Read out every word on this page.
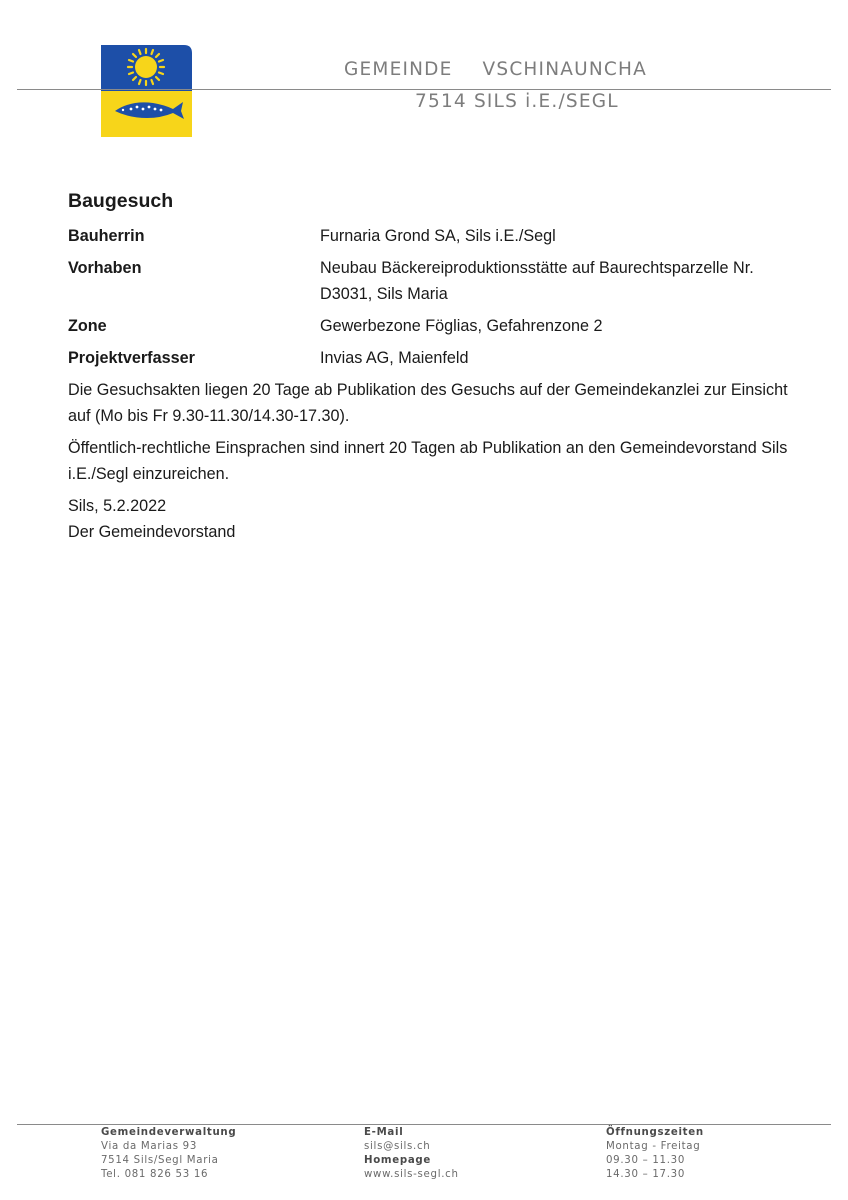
GEMEINDE VSCHINAUNCHA
7514 SILS i.E./SEGL
Baugesuch
Bauherrin	Furnaria Grond SA, Sils i.E./Segl
Vorhaben	Neubau Bäckereiproduktionsstätte auf Baurechtsparzelle Nr. D3031, Sils Maria
Zone	Gewerbezone Föglias, Gefahrenzone 2
Projektverfasser	Invias AG, Maienfeld

Die Gesuchsakten liegen 20 Tage ab Publikation des Gesuchs auf der Gemeindekanzlei zur Einsicht auf (Mo bis Fr 9.30-11.30/14.30-17.30).

Öffentlich-rechtliche Einsprachen sind innert 20 Tagen ab Publikation an den Gemeindevorstand Sils i.E./Segl einzureichen.

Sils, 5.2.2022
Der Gemeindevorstand
Gemeindeverwaltung
Via da Marias 93
7514 Sils/Segl Maria
Tel. 081 826 53 16
E-Mail
sils@sils.ch
Homepage
www.sils-segl.ch
Öffnungszeiten
Montag - Freitag
09.30 – 11.30
14.30 – 17.30
